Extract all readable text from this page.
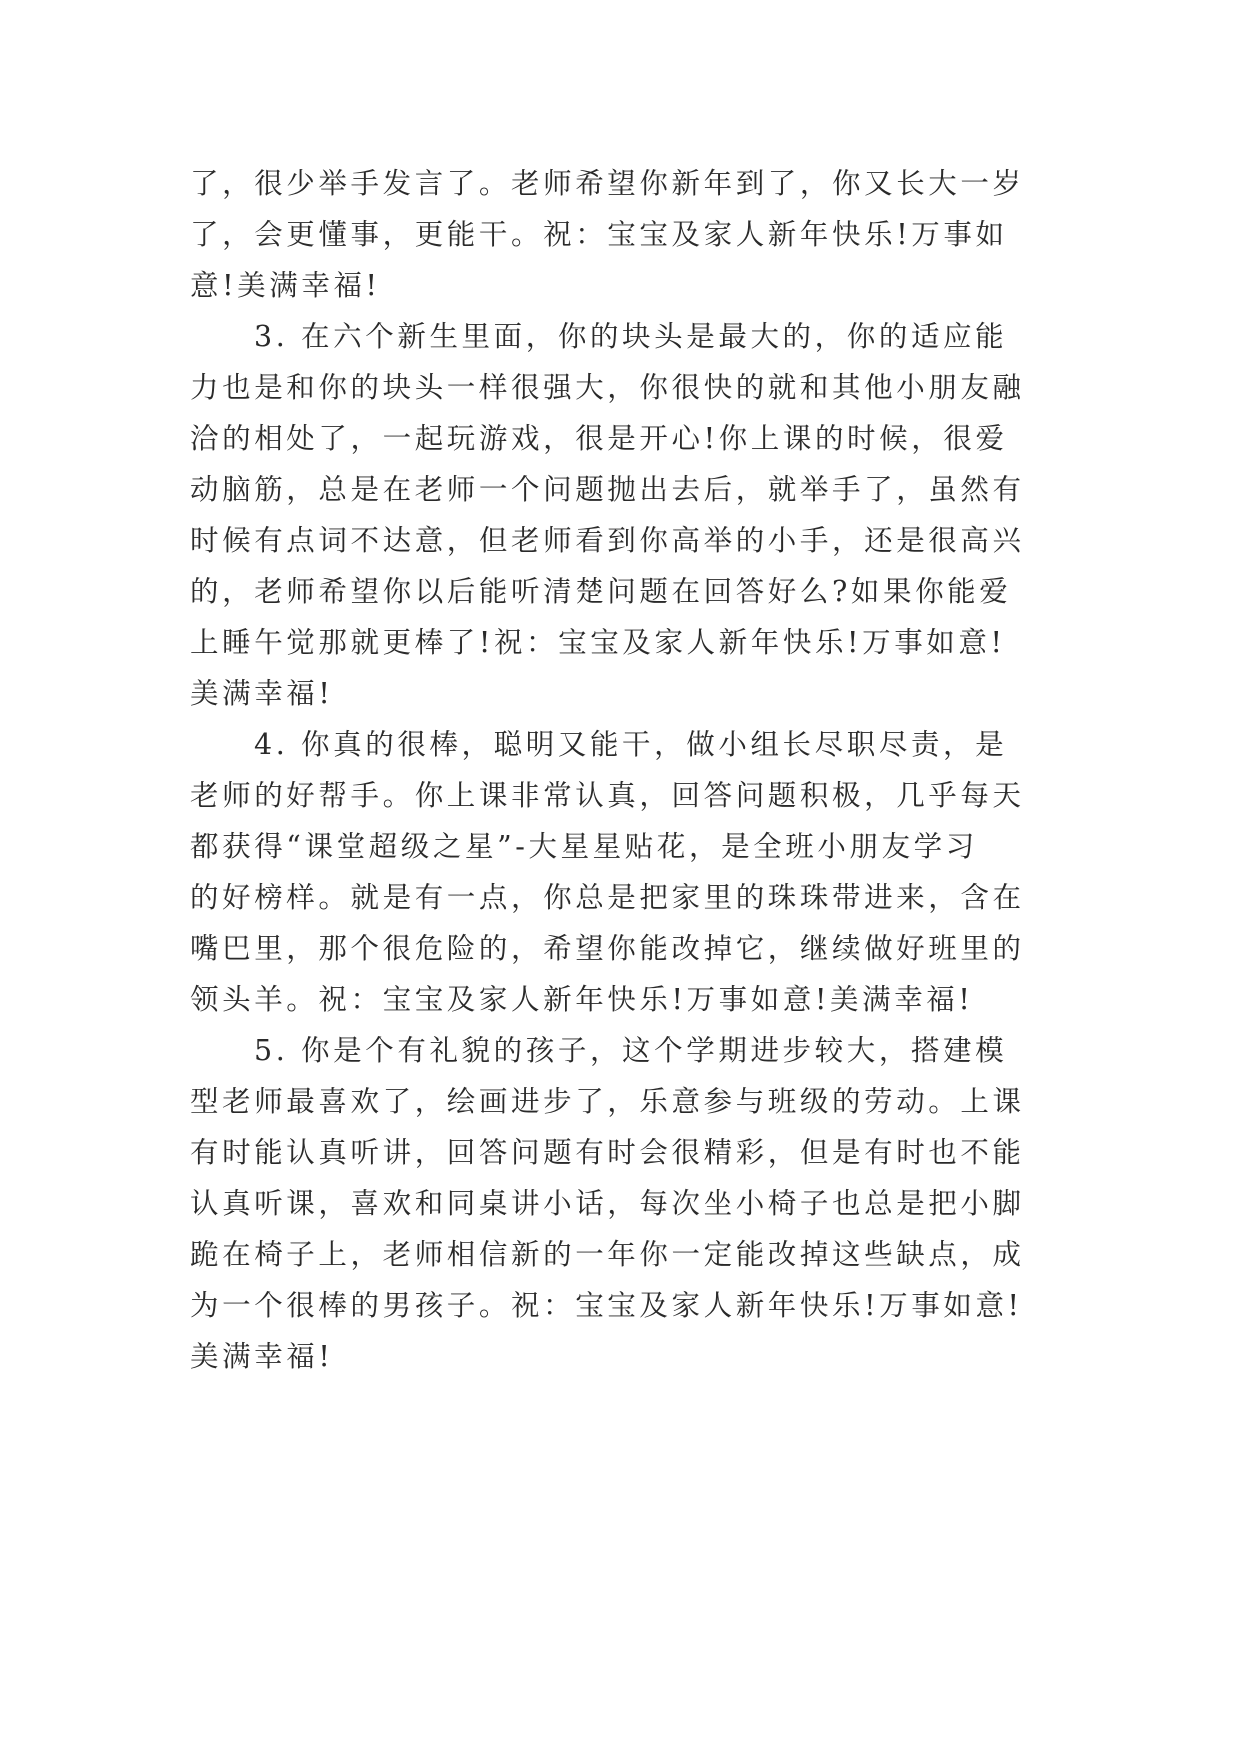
了，很少举手发言了。老师希望你新年到了，你又长大一岁
了，会更懂事，更能干。祝：宝宝及家人新年快乐!万事如
意!美满幸福!
3. 在六个新生里面，你的块头是最大的，你的适应能
力也是和你的块头一样很强大，你很快的就和其他小朋友融
洽的相处了，一起玩游戏，很是开心!你上课的时候，很爱
动脑筋，总是在老师一个问题抛出去后，就举手了，虽然有
时候有点词不达意，但老师看到你高举的小手，还是很高兴
的，老师希望你以后能听清楚问题在回答好么?如果你能爱
上睡午觉那就更棒了!祝：宝宝及家人新年快乐!万事如意!
美满幸福!
4. 你真的很棒，聪明又能干，做小组长尽职尽责，是
老师的好帮手。你上课非常认真，回答问题积极，几乎每天
都获得“课堂超级之星”-大星星贴花，是全班小朋友学习
的好榜样。就是有一点，你总是把家里的珠珠带进来，含在
嘴巴里，那个很危险的，希望你能改掉它，继续做好班里的
领头羊。祝：宝宝及家人新年快乐!万事如意!美满幸福!
5. 你是个有礼貌的孩子，这个学期进步较大，搭建模
型老师最喜欢了，绘画进步了，乐意参与班级的劳动。上课
有时能认真听讲，回答问题有时会很精彩，但是有时也不能
认真听课，喜欢和同桌讲小话，每次坐小椅子也总是把小脚
跪在椅子上，老师相信新的一年你一定能改掉这些缺点，成
为一个很棒的男孩子。祝：宝宝及家人新年快乐!万事如意!
美满幸福!
